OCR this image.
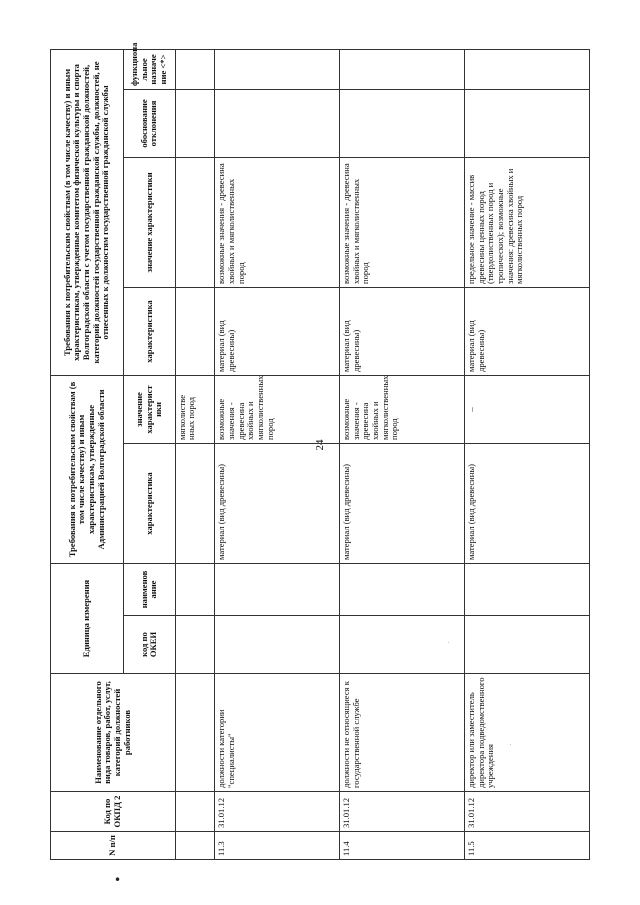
24
N п/п	Код по ОКПД 2	Наименование отдельного вида товаров, работ, услуг, категорий должностей работников	Единица измерения		Требования к потребительским свойствам (в том числе качеству) и иным характеристикам, утвержденные Администрацией Волгоградской области		Требования к потребительским свойствам (в том числе качеству) и иным характеристикам, утвержденные комитетом физической культуры и спорта Волгоградской области с учетом государственной гражданской должностей, категорий должностей государственной гражданской службы, должностей, не отнесенных к должностям государственной гражданской службы			
			код по ОКЕИ	наименов ание	характеристика	значение характерист ики	характеристика	значение характеристики	обоснование отклонения	функциона льное назначе ние <*>
						мягколистве нных пород				
11.3	31.01.12	должности категории "специалисты"			материал (вид древесины)	возможные значения - древесина хвойных и мягколиственных пород	материал (вид древесины)	возможные значения - древесина хвойных и мягколиственных пород		
11.4	31.01.12	должности не относящиеся к государственной службе			материал (вид древесины)	возможные значения - древесина хвойных и мягколиственных пород	материал (вид древесины)	возможные значения - древесина хвойных и мягколиственных пород		
11.5	31.01.12	директор или заместитель директора подведомственного учреждения			материал (вид древесины)	–	материал (вид древесины)	предельное значение - массив древесины ценных пород (твердолиственных пород и тропических); возможные значения: древесина хвойных и мягколиственных пород		
•
·
·
